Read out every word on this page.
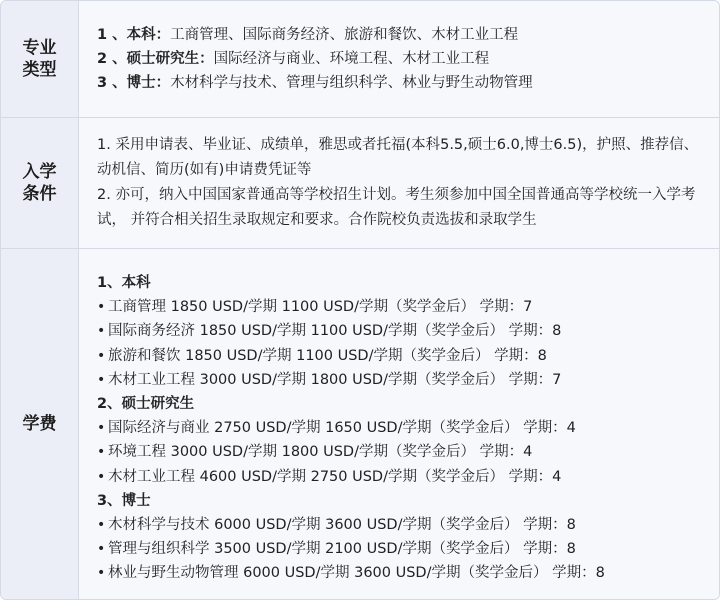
专业
类型
1 、本科：工商管理、国际商务经济、旅游和餐饮、木材工业工程
2 、硕士研究生：国际经济与商业、环境工程、木材工业工程
3 、博士：木材科学与技术、管理与组织科学、林业与野生动物管理
入学
条件
1. 采用申请表、毕业证、成绩单，雅思或者托福(本科5.5,硕士6.0,博士6.5)，护照、推荐信、动机信、简历(如有)申请费凭证等
2. 亦可，纳入中国国家普通高等学校招生计划。考生须参加中国全国普通高等学校统一入学考试， 并符合相关招生录取规定和要求。合作院校负责选拔和录取学生
学费
1、本科
• 工商管理 1850 USD/学期 1100 USD/学期（奖学金后） 学期：7
• 国际商务经济 1850 USD/学期 1100 USD/学期（奖学金后） 学期：8
• 旅游和餐饮 1850 USD/学期 1100 USD/学期（奖学金后） 学期：8
• 木材工业工程 3000 USD/学期 1800 USD/学期（奖学金后） 学期：7
2、硕士研究生
• 国际经济与商业 2750 USD/学期 1650 USD/学期（奖学金后） 学期：4
• 环境工程 3000 USD/学期 1800 USD/学期（奖学金后） 学期：4
• 木材工业工程 4600 USD/学期 2750 USD/学期（奖学金后） 学期：4
3、博士
• 木材科学与技术 6000 USD/学期 3600 USD/学期（奖学金后） 学期：8
• 管理与组织科学 3500 USD/学期 2100 USD/学期（奖学金后） 学期：8
• 林业与野生动物管理 6000 USD/学期 3600 USD/学期（奖学金后） 学期：8
